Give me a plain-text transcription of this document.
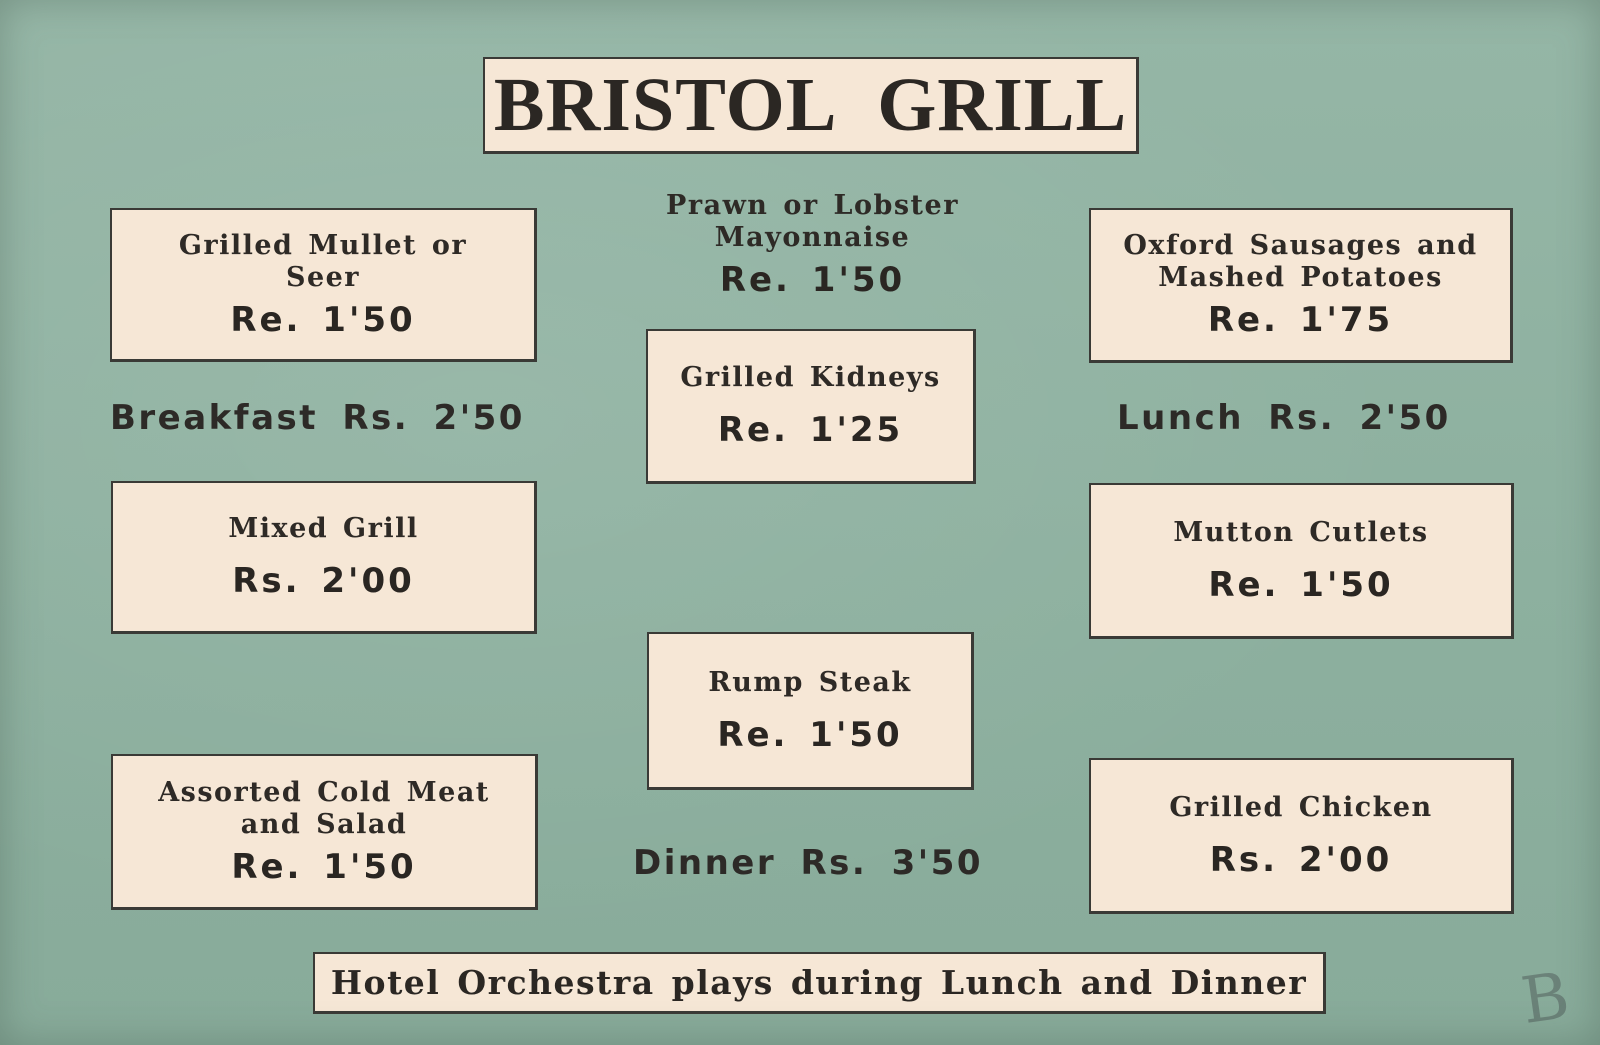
BRISTOL GRILL
Grilled Mullet or
Seer
Re. 1'50
Breakfast Rs. 2'50
Mixed Grill
Rs. 2'00
Assorted Cold Meat
and Salad
Re. 1'50
Prawn or Lobster
Mayonnaise
Re. 1'50
Grilled Kidneys
Re. 1'25
Rump Steak
Re. 1'50
Dinner Rs. 3'50
Oxford Sausages and
Mashed Potatoes
Re. 1'75
Lunch Rs. 2'50
Mutton Cutlets
Re. 1'50
Grilled Chicken
Rs. 2'00
Hotel Orchestra plays during Lunch and Dinner	B
